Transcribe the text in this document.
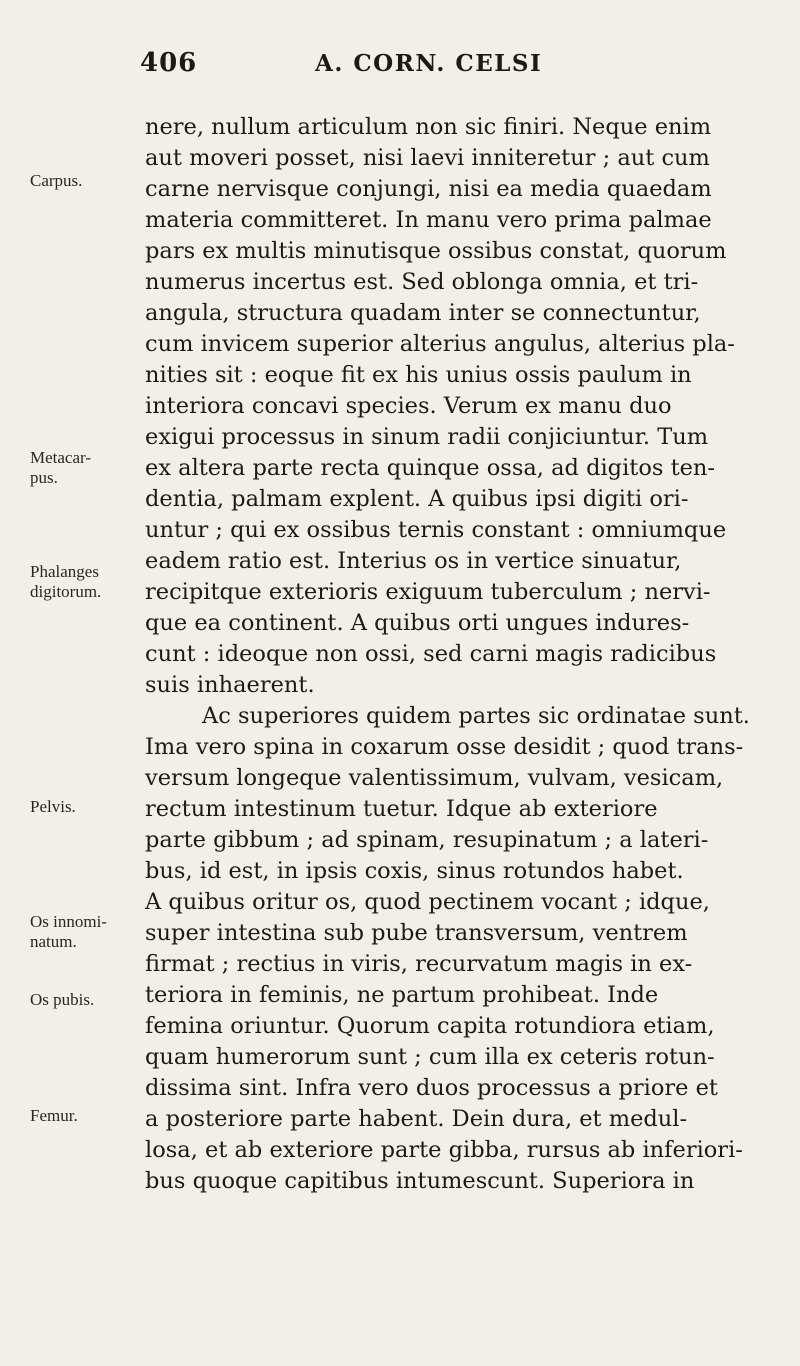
406	A. CORN. CELSI
Carpus.
Metacar-
pus.
Phalanges
digitorum.
Pelvis.
Os innomi-
natum.
Os pubis.
Femur.
nere, nullum articulum non sic finiri. Neque enim
aut moveri posset, nisi laevi inniteretur ; aut cum
carne nervisque conjungi, nisi ea media quaedam
materia committeret. In manu vero prima palmae
pars ex multis minutisque ossibus constat, quorum
numerus incertus est. Sed oblonga omnia, et tri-
angula, structura quadam inter se connectuntur,
cum invicem superior alterius angulus, alterius pla-
nities sit : eoque fit ex his unius ossis paulum in
interiora concavi species. Verum ex manu duo
exigui processus in sinum radii conjiciuntur. Tum
ex altera parte recta quinque ossa, ad digitos ten-
dentia, palmam explent. A quibus ipsi digiti ori-
untur ; qui ex ossibus ternis constant : omniumque
eadem ratio est. Interius os in vertice sinuatur,
recipitque exterioris exiguum tuberculum ; nervi-
que ea continent. A quibus orti ungues indures-
cunt : ideoque non ossi, sed carni magis radicibus
suis inhaerent.
Ac superiores quidem partes sic ordinatae sunt.
Ima vero spina in coxarum osse desidit ; quod trans-
versum longeque valentissimum, vulvam, vesicam,
rectum intestinum tuetur. Idque ab exteriore
parte gibbum ; ad spinam, resupinatum ; a lateri-
bus, id est, in ipsis coxis, sinus rotundos habet.
A quibus oritur os, quod pectinem vocant ; idque,
super intestina sub pube transversum, ventrem
firmat ; rectius in viris, recurvatum magis in ex-
teriora in feminis, ne partum prohibeat. Inde
femina oriuntur. Quorum capita rotundiora etiam,
quam humerorum sunt ; cum illa ex ceteris rotun-
dissima sint. Infra vero duos processus a priore et
a posteriore parte habent. Dein dura, et medul-
losa, et ab exteriore parte gibba, rursus ab inferiori-
bus quoque capitibus intumescunt. Superiora in
